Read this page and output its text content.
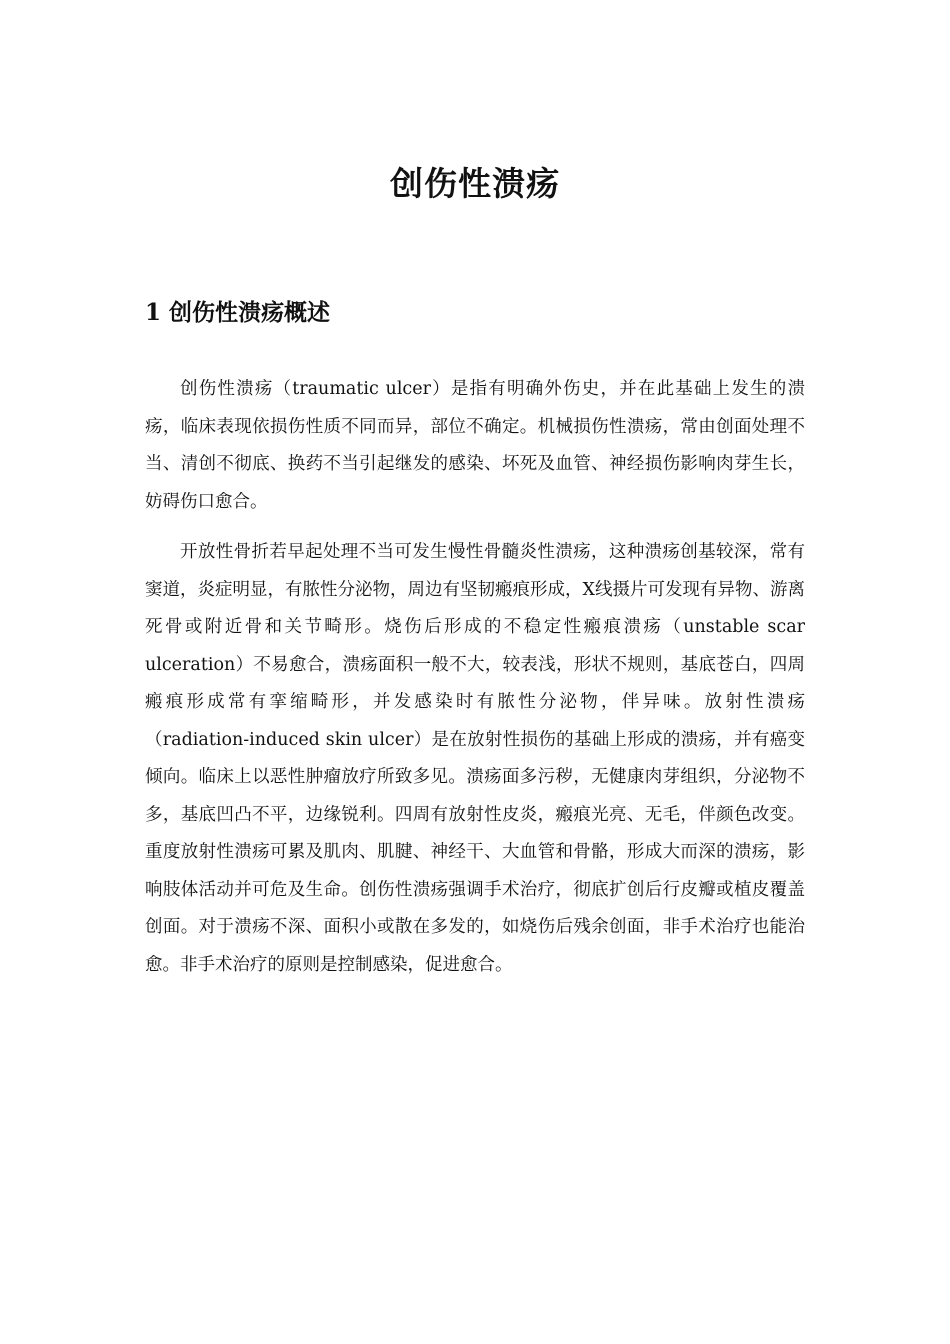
创伤性溃疡
1 创伤性溃疡概述

创伤性溃疡（traumatic ulcer）是指有明确外伤史，并在此基础上发生的溃疡，临床表现依损伤性质不同而异，部位不确定。机械损伤性溃疡，常由创面处理不当、清创不彻底、换药不当引起继发的感染、坏死及血管、神经损伤影响肉芽生长，妨碍伤口愈合。

开放性骨折若早起处理不当可发生慢性骨髓炎性溃疡，这种溃疡创基较深，常有窦道，炎症明显，有脓性分泌物，周边有坚韧瘢痕形成，X线摄片可发现有异物、游离死骨或附近骨和关节畸形。烧伤后形成的不稳定性瘢痕溃疡（unstable scar ulceration）不易愈合，溃疡面积一般不大，较表浅，形状不规则，基底苍白，四周瘢痕形成常有挛缩畸形，并发感染时有脓性分泌物，伴异味。放射性溃疡（radiation-induced skin ulcer）是在放射性损伤的基础上形成的溃疡，并有癌变倾向。临床上以恶性肿瘤放疗所致多见。溃疡面多污秽，无健康肉芽组织，分泌物不多，基底凹凸不平，边缘锐利。四周有放射性皮炎，瘢痕光亮、无毛，伴颜色改变。重度放射性溃疡可累及肌肉、肌腱、神经干、大血管和骨骼，形成大而深的溃疡，影响肢体活动并可危及生命。创伤性溃疡强调手术治疗，彻底扩创后行皮瓣或植皮覆盖创面。对于溃疡不深、面积小或散在多发的，如烧伤后残余创面，非手术治疗也能治愈。非手术治疗的原则是控制感染，促进愈合。
